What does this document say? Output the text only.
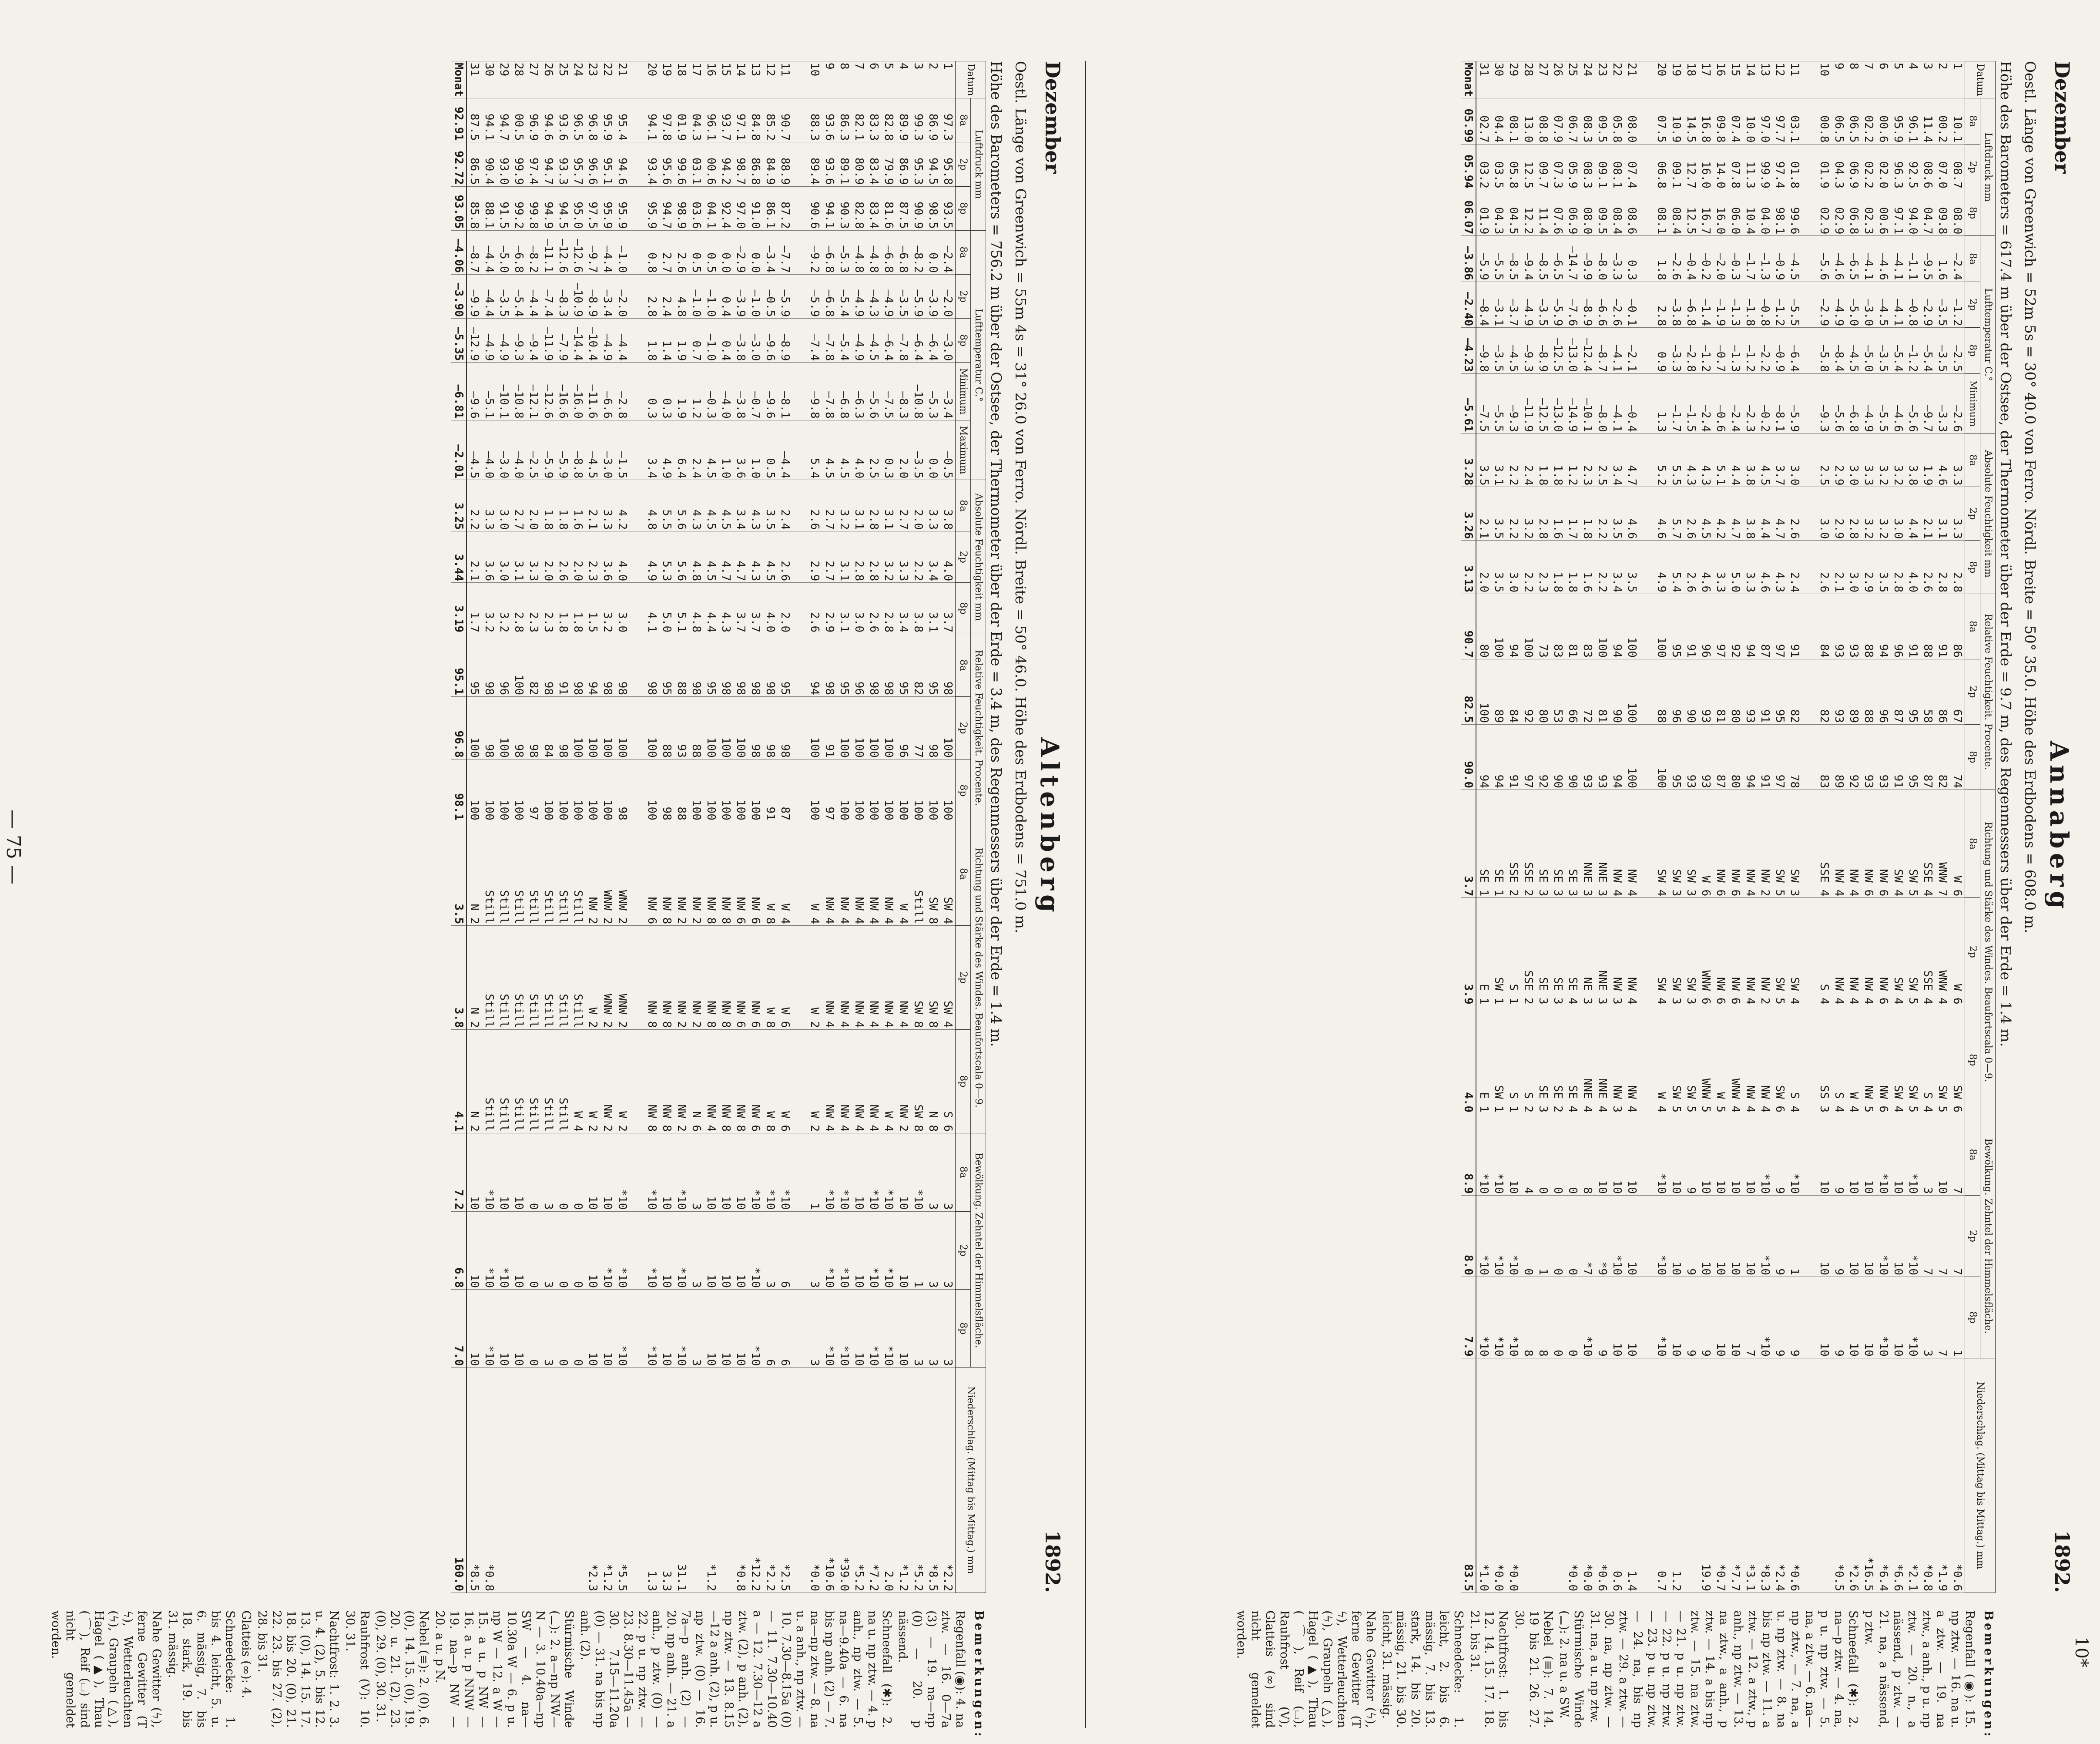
Dezember
Annaberg
1892.
Oestl. Länge von Greenwich = 52m 5s = 30° 40.0 von Ferro. Nördl. Breite = 50° 35.0. Höhe des Erdbodens = 608.0 m.
Höhe des Barometers = 617.4 m über der Ostsee, der Thermometer über der Erde = 9.7 m, des Regenmessers über der Erde = 1.4 m.
Datum	Luftdruck mm			Lufttemperatur C.°				Absolute Feuchtigkeit mm			Relative Feuchtigkeit. Procente.			Richtung und Stärke des Windes. Beaufortscala 0—9.			Bewölkung. Zehntel der Himmelsfläche.			Niederschlag. (Mittag bis Mittag.) mm
	8a	2p	8p	8a	2p	8p	Minimum	8a	2p	8p	8a	2p	8p	8a	2p	8p	8a	2p	8p	
1	10.1	08.7	08.0	—2.4	—1.2	—2.5	—2.6	3.3	3.3	2.8	86	67	74	W 6	W 6	SW 6	7	7	1	*0.6
2	00.2	07.0	09.8	1.6	—3.5	—3.5	—3.3	4.6	3.1	2.8	91	86	82	WNW 7	WNW 4	SW 5	10	7	7	*1.9
3	11.4	08.6	04.7	—9.5	—2.9	—5.4	—9.7	1.9	2.1	2.6	88	58	87	SSE 4	SSE 4	S 4	3	7	3	*0.8
4	96.1	92.5	94.0	—1.1	—0.8	—1.2	—5.6	3.8	4.4	4.0	91	95	95	SW 5	SW 5	SW 5	*10	*10	*10	*2.1
5	95.9	96.3	97.1	—4.1	—4.1	—5.4	—4.6	3.2	3.0	2.8	96	87	91	SW 4	SW 4	SW 4	10	10	10	*6.6
6	00.6	02.0	00.6	—4.6	—4.5	—3.5	—5.5	3.2	3.2	3.5	94	96	93	NW 6	NW 6	NW 6	*10	*10	*10	*6.4
7	02.2	02.2	02.3	—4.1	—3.0	—5.0	—4.9	3.3	3.2	2.9	88	88	93	NW 6	NW 4	NW 5	10	10	10	*16.5
8	06.5	06.9	06.8	—6.5	—5.0	—4.5	—6.8	3.0	2.8	3.0	93	89	92	NW 4	NW 4	W 4	10	10	10	*2.6
9	06.5	04.3	02.9	—4.6	—4.9	—8.4	—5.6	2.9	2.9	2.1	93	93	89	NW 4	NW 4	S 4	9	9	9	*0.5
10	00.8	01.9	02.9	—5.6	—2.9	—5.8	—9.3	2.5	3.0	2.6	84	82	83	SSE 4	S 4	SS 3	10	10	10	

11	03.1	01.8	99.6	—4.5	—5.5	—6.4	—5.9	3.0	2.6	2.4	91	82	78	SW 3	SW 4	S 4	*10	1	9	*0.6
12	97.7	97.4	98.1	—0.9	—1.2	—0.9	—8.1	3.7	4.7	4.3	97	95	97	SW 5	SW 5	SW 6	9	9	9	*2.4
13	97.0	99.9	04.0	—1.3	—0.8	—2.2	—0.2	4.5	4.4	4.6	87	91	91	NW 2	NW 2	NW 4	*10	*10	*10	*8.3
14	10.0	11.3	10.4	—1.7	—1.8	—1.2	—2.3	3.8	3.8	3.3	94	93	94	NW 4	NW 4	NW 4	10	10	7	*3.1
15	07.4	07.8	06.0	—0.3	—1.3	—1.3	—2.4	4.4	4.7	5.0	92	80	80	NW 6	NW 6	WNW 4	10	10	10	*7.7
16	09.8	14.0	16.0	—2.0	—1.9	—0.7	—0.6	5.1	4.2	3.3	97	81	87	NW 6	NW 6	W 5	10	10	10	*0.7
17	16.8	16.0	16.7	—0.2	—1.4	—1.2	—2.4	4.3	4.5	4.6	96	93	93	W 6	WNW 6	WNW 5	10	10	9	19.9
18	14.5	12.7	12.5	—0.4	—6.8	—2.8	—1.5	4.3	2.6	2.6	91	90	93	SW 3	SW 3	SW 5	9	9	9	
19	10.9	09.1	08.4	—2.6	—3.8	—3.3	—1.7	5.5	5.7	5.4	95	96	95	SW 3	SW 3	SW 5	10	10	10	1.2
20	07.5	06.8	08.1	1.8	2.8	0.9	1.3	5.2	4.6	4.9	100	88	100	SW 4	SW 4	W 4	*10	*10	*10	0.7

21	08.0	07.4	08.6	0.3	—0.1	—2.1	—0.4	4.7	4.6	3.5	100	100	100	NW 4	NW 4	NW 4	10	10	10	1.4
22	05.8	08.1	08.4	—3.3	—2.6	—4.1	—4.1	3.4	3.5	3.4	94	90	94	NW 4	NW 3	NW 3	10	*10	10	0.6
23	09.5	09.1	09.5	—8.0	—6.6	—8.7	—8.0	2.5	2.2	2.2	100	81	93	NNE 3	NNE 3	NNE 4	10	*9	9	*0.6
24	08.3	08.3	08.0	—9.9	—8.9	—12.4	—10.1	2.3	1.8	1.6	83	72	93	NNE 3	NE 3	NNE 4	8	*7	*10	*0.0
25	06.7	05.9	06.9	—14.7	—7.6	—13.0	—14.9	1.2	1.7	1.8	81	66	90	SE 3	SE 4	SE 4	0	0	0	*0.0
26	07.9	07.3	07.6	—6.5	—5.9	—12.5	—13.0	1.8	1.6	1.8	83	53	90	SE 3	SE 3	SE 2	0	0	0	
27	08.8	09.7	11.4	—8.5	—3.5	—8.9	—12.5	1.8	2.8	2.3	73	80	92	SE 3	SE 3	SE 3	0	1	8	
28	13.0	12.5	12.2	—9.4	—4.9	—9.3	—11.9	2.4	3.2	2.2	100	92	97	SSE 2	SSE 2	S 2	4	0	8	
29	08.1	05.8	04.5	—8.5	—3.7	—4.5	—9.3	2.2	2.2	3.0	94	84	91	SSE 2	S 1	S 1	10	*10	*10	*0.0
30	04.4	03.5	04.3	—5.5	—3.1	—3.5	—5.5	3.1	3.5	3.5	100	89	94	SE 1	SW 1	SW 1	*10	*10	*10	*0.0
31	02.7	03.2	01.9	—5.9	—8.4	—9.8	—7.5	3.5	2.1	2.0	80	100	94	SE 1	E 1	E 1	*10	*10	*10	*1.0
Monat	05.99	05.94	06.07	—3.86	—2.40	—4.23	—5.61	3.28	3.26	3.13	90.7	82.5	90.0	3.7	3.9	4.0	8.9	8.0	7.9	83.5
Bemerkungen:

Regenfall (◉): 15. np ztw. — 16. na u. a ztw. — 19. na ztw., a anh., p u. np ztw. — 20. n., a nässend, p ztw. — 21. na, a nässend, p ztw.

Schneefall (✱): 2. na—p ztw. — 4. na, p u. np ztw. — 5. na, a ztw. — 6. na—np ztw., — 7. na, a u. np ztw. — 8. na bis np ztw. — 11. a ztw. — 12. a ztw., p anh., np ztw. — 13. na ztw., a anh., p ztw. — 14. a bis np ztw. — 15. na ztw. — 21. p u. np ztw. — 22. p u. np ztw. — 23. p u. np ztw. — 24. na, bis np ztw. — 29. a ztw. — 30. na, np ztw. — 31. na, a u. np ztw.

Stürmische Winde (⚊): 2. na u. a SW.

Nebel (≡): 7. 14. 19 bis 21. 26. 27. 30.

Nachtfrost: 1. bis 12. 14. 15. 17. 18. 21. bis 31.

Schneedecke: 1. leicht, 2. bis 6. mässig, 7. bis 13. stark, 14. bis 20. mässig, 21. bis 30. leicht, 31. mässig.

Nahe Gewitter (ϟ), ferne Gewitter (T ϟ), Wetterleuchten (ϟ), Graupeln (△), Hagel (▲), Thau (⌒), Reif (⌴), Rauhfrost (V), Glatteis (∞) sind nicht gemeldet worden.

Dezember
Altenberg
1892.
Oestl. Länge von Greenwich = 55m 4s = 31° 26.0 von Ferro. Nördl. Breite = 50° 46.0. Höhe des Erdbodens = 751.0 m.
Höhe des Barometers = 756.2 m über der Ostsee, der Thermometer über der Erde = 3.4 m, des Regenmessers über der Erde = 1.4 m.
Datum	Luftdruck mm			Lufttemperatur C.°					Absolute Feuchtigkeit mm			Relative Feuchtigkeit. Procente.			Richtung und Stärke des Windes. Beaufortscala 0—9.			Bewölkung. Zehntel der Himmelsfläche.			Niederschlag. (Mittag bis Mittag.) mm
	8a	2p	8p	8a	2p	8p	Minimum	Maximum	8a	2p	8p	8a	2p	8p	8a	2p	8p	8a	2p	8p	
1	97.3	95.8	93.5	—2.4	—2.0	—3.0	—3.4	—0.5	3.8	4.0	3.7	98	100	100	SW 4	SW 4	S 6	3	3	3	*2.2
2	86.9	94.5	98.5	0.0	—3.9	—6.4	—5.3	0.0	3.3	3.4	3.1	95	98	100	SW 8	SW 8	N 8	3	3	3	*8.5
3	99.3	95.3	90.9	—8.2	—5.9	—6.4	—10.8	—3.5	2.0	2.2	3.8	82	77	100	Still	SW 8	SW 8	*10	1	3	*5.2
4	89.9	86.9	87.5	—6.8	—3.5	—7.8	—8.3	2.0	2.7	3.3	3.4	95	96	100	W 4	NW 4	NW 2	10	10	10	*1.2
5	82.8	79.9	81.6	—6.8	—4.9	—6.4	—7.5	0.3	3.1	3.2	2.8	98	100	100	NW 4	NW 4	W 4	*10	*10	*10	2.0
6	83.3	83.4	83.4	—4.8	—4.3	—4.5	—5.6	2.5	2.8	2.8	2.6	98	100	100	NW 4	NW 4	NW 4	*10	*10	*10	*7.2
7	82.1	80.9	82.8	—4.8	—4.9	—4.9	—6.3	4.0	3.1	2.8	3.0	96	100	100	NW 4	NW 4	NW 4	10	10	10	*5.2
8	86.3	89.1	90.3	—5.3	—5.4	—5.4	—6.8	4.5	3.2	3.1	3.1	95	100	100	NW 4	NW 4	NW 4	*10	*10	*10	*39.0
9	93.6	93.6	94.1	—6.8	—6.8	—7.8	—7.8	4.5	2.7	2.7	2.9	98	91	97	NW 4	NW 4	NW 4	*10	*10	*10	*10.6
10	88.3	89.4	90.6	—9.2	—5.9	—7.4	—9.8	5.4	2.6	2.9	2.6	94	100	100	W 4	W 2	W 2	1	3	3	*0.0

11	90.7	88.9	87.2	—7.7	—5.9	—8.9	—8.1	—4.4	2.4	2.6	2.0	95	98	87	W 4	W 6	W 6	*10	6	6	*2.5
12	85.2	84.9	86.1	—3.4	—0.5	—9.6	—9.6	0.5	3.5	4.5	4.0	98	98	91	W 8	W 8	W 8	*10	3	6	*2.2
13	84.8	86.8	91.0	0.0	—1.0	—3.0	—0.7	1.0	4.3	4.3	3.7	98	98	100	NW 6	NW 6	NW 6	*10	*10	*10	*12.2
14	97.1	98.7	97.0	—2.9	—3.9	—3.8	—3.8	3.6	3.4	4.7	3.7	98	100	100	NW 6	NW 6	NW 8	10	10	10	*0.8
15	93.7	94.2	92.4	0.0	0.4	0.4	—4.0	1.0	4.5	4.7	4.3	98	100	100	NW 8	NW 8	NW 8	10	10	10	
16	96.1	00.6	04.1	0.5	—1.0	—1.0	—0.3	4.5	4.5	4.5	4.4	95	100	100	NW 8	NW 8	NW 4	10	10	10	*1.2
17	04.3	03.1	03.6	0.5	—1.0	0.7	1.2	2.4	4.3	4.8	4.8	98	88	100	NW 2	NW 2	N 6	3	3	3	
18	01.9	99.6	98.9	2.6	4.8	1.9	1.9	6.4	5.6	5.6	5.1	88	93	88	NW 2	NW 2	NW 2	*10	*10	*10	31.1
19	97.8	95.6	94.7	2.7	2.4	1.4	0.3	4.9	5.5	5.3	5.0	95	88	98	NW 8	NW 8	NW 8	10	10	10	3.3
20	94.1	93.4	95.9	0.8	2.8	1.8	0.3	3.4	4.8	4.9	4.1	98	100	100	NW 6	NW 8	NW 8	*10	*10	*10	1.3

21	95.4	94.6	95.9	—1.0	—2.0	—4.4	—2.8	—1.5	4.2	4.0	3.0	98	100	98	WNW 2	WNW 2	W 2	*10	*10	*10	*5.5
22	95.9	95.1	95.9	—4.4	—3.4	—4.9	—6.6	—3.0	3.3	3.6	3.2	98	100	100	WNW 2	WNW 2	NW 2	10	*10	10	*1.2
23	96.8	96.6	97.5	—9.7	—8.9	—10.4	—11.6	—4.5	2.1	2.3	1.5	94	100	100	NW 2	W 2	W 2	10	10	10	*2.3
24	96.5	95.7	95.0	—12.6	—10.9	—14.4	—16.0	—8.8	1.6	2.0	1.8	98	100	100	Still	Still	W 4	0	0	0	
25	93.6	93.3	94.5	—12.6	—8.3	—7.9	—16.6	—5.9	1.8	2.6	1.8	91	98	100	Still	Still	Still	0	0	0	
26	94.6	94.7	94.9	—11.1	—7.4	—11.9	—12.6	—5.9	1.8	2.0	2.3	98	84	100	Still	Still	Still	3	3	3	
27	96.9	97.4	99.8	—8.2	—4.4	—9.4	—12.1	—2.5	2.0	3.3	2.3	82	98	97	Still	Still	Still	0	0	0	
28	00.5	99.9	99.2	—6.8	—5.4	—9.3	—10.8	—4.0	2.7	3.1	2.8	100	98	100	Still	Still	Still	10	10	10	
29	94.7	93.0	91.5	—5.0	—3.5	—4.9	—10.1	—3.0	3.0	3.0	3.2	96	100	100	Still	Still	Still	10	*10	10	
30	94.1	90.4	88.1	—4.4	—4.4	—4.9	—5.1	—4.0	3.3	3.6	3.2	98	98	100	Still	Still	Still	*10	*10	*10	*0.8
31	87.5	86.5	85.8	—8.7	—9.9	—12.9	—9.6	—4.5	2.2	2.1	1.7	95	100	100	N 2	N 2	N 2	10	10	10	*8.5
Monat	92.91	92.72	93.05	—4.06	—3.90	—5.35	—6.81	—2.01	3.25	3.44	3.19	95.1	96.8	98.1	3.5	3.8	4.1	7.2	6.8	7.0	160.0
Bemerkungen:

Regenfall (◉): 4. na ztw. — 16. 0—7a (3) — 19. na—np (0) — 20. p nässend.

Schneefall (✱): 2. na u. np ztw. — 4. p anh., np ztw. — 5. na—9.40a — 6. na bis np anh. (2) — 7. na—np ztw. — 8. na u. a anh., np ztw. — 10. 7.30—8.15a (0) — 11. 7.30—10.40 a — 12. 7.30—12 a ztw. (2), p anh. (2), np ztw. — 13. 8.15—12 a anh. (2), p u. np ztw. (0) — 16. 7a—p anh. (2) — 20. np anh. — 21. a anh., p ztw. (0) — 22. p u. np ztw. — 23. 8.30—11.45a — 30. 7.15—11.20a (0) — 31. na bis np anh. (2).

Stürmische Winde (⚊): 2. a—np NW—N — 3. 10.40a—np SW — 4. na—10.30a W — 6. p u. np W — 12. a W — 15. a u. p NW — 16. a u. p NNW — 19. na—p NW — 20. a u. p N.

Nebel (≡): 2. (0), 6. (0), 14. 15. (0), 19. 20. u. 21. (2), 23. (0), 29. (0), 30. 31.

Rauhfrost (V): 10. 30. 31.

Nachtfrost: 1. 2. 3. u. 4. (2), 5. bis 12. 13. (0), 14. 15. 17. 18. bis 20. (0), 21. 22. 23. bis 27. (2), 28. bis 31.

Glatteis (∞): 4.

Schneedecke: 1. bis 4. leicht, 5. u. 6. mässig, 7. bis 18. stark, 19. bis 31. mässig.

Nahe Gewitter (ϟ), ferne Gewitter (T ϟ), Wetterleuchten (ϟ), Graupeln (△), Hagel (▲), Thau (⌒), Reif (⌴) sind nicht gemeldet worden.

— 75 —
10*
